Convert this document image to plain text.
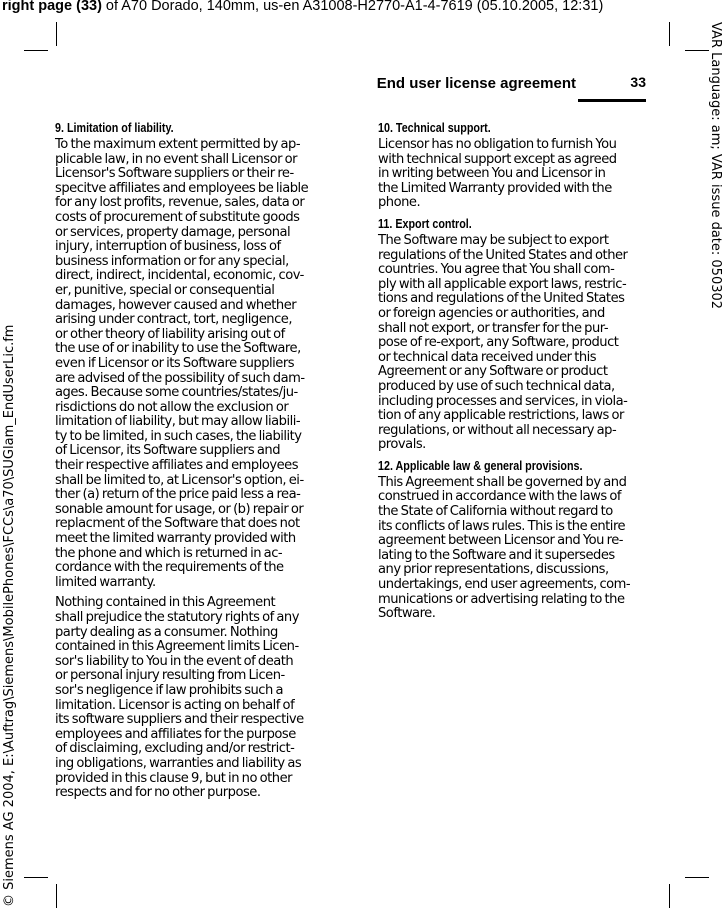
right page (33) of A70 Dorado, 140mm, us-en A31008-H2770-A1-4-7619 (05.10.2005, 12:31)
VAR Language: am; VAR issue date: 050302
© Siemens AG 2004, E:\Auftrag\Siemens\MobilePhones\FCCs\a70\SUGlam_EndUserLic.fm
End user license agreement	33
9. Limitation of liability.
To the maximum extent permitted by ap-
plicable law, in no event shall Licensor or
Licensor's Software suppliers or their re-
specitve affiliates and employees be liable
for any lost profits, revenue, sales, data or
costs of procurement of substitute goods
or services, property damage, personal
injury, interruption of business, loss of
business information or for any special,
direct, indirect, incidental, economic, cov-
er, punitive, special or consequential
damages, however caused and whether
arising under contract, tort, negligence,
or other theory of liability arising out of
the use of or inability to use the Software,
even if Licensor or its Software suppliers
are advised of the possibility of such dam-
ages. Because some countries/states/ju-
risdictions do not allow the exclusion or
limitation of liability, but may allow liabili-
ty to be limited, in such cases, the liability
of Licensor, its Software suppliers and
their respective affiliates and employees
shall be limited to, at Licensor's option, ei-
ther (a) return of the price paid less a rea-
sonable amount for usage, or (b) repair or
replacment of the Software that does not
meet the limited warranty provided with
the phone and which is returned in ac-
cordance with the requirements of the
limited warranty.
Nothing contained in this Agreement
shall prejudice the statutory rights of any
party dealing as a consumer. Nothing
contained in this Agreement limits Licen-
sor's liability to You in the event of death
or personal injury resulting from Licen-
sor's negligence if law prohibits such a
limitation. Licensor is acting on behalf of
its software suppliers and their respective
employees and affiliates for the purpose
of disclaiming, excluding and/or restrict-
ing obligations, warranties and liability as
provided in this clause 9, but in no other
respects and for no other purpose.
10. Technical support.
Licensor has no obligation to furnish You
with technical support except as agreed
in writing between You and Licensor in
the Limited Warranty provided with the
phone.
11. Export control.
The Software may be subject to export
regulations of the United States and other
countries. You agree that You shall com-
ply with all applicable export laws, restric-
tions and regulations of the United States
or foreign agencies or authorities, and
shall not export, or transfer for the pur-
pose of re-export, any Software, product
or technical data received under this
Agreement or any Software or product
produced by use of such technical data,
including processes and services, in viola-
tion of any applicable restrictions, laws or
regulations, or without all necessary ap-
provals.
12. Applicable law & general provisions.
This Agreement shall be governed by and
construed in accordance with the laws of
the State of California without regard to
its conflicts of laws rules. This is the entire
agreement between Licensor and You re-
lating to the Software and it supersedes
any prior representations, discussions,
undertakings, end user agreements, com-
munications or advertising relating to the
Software.
